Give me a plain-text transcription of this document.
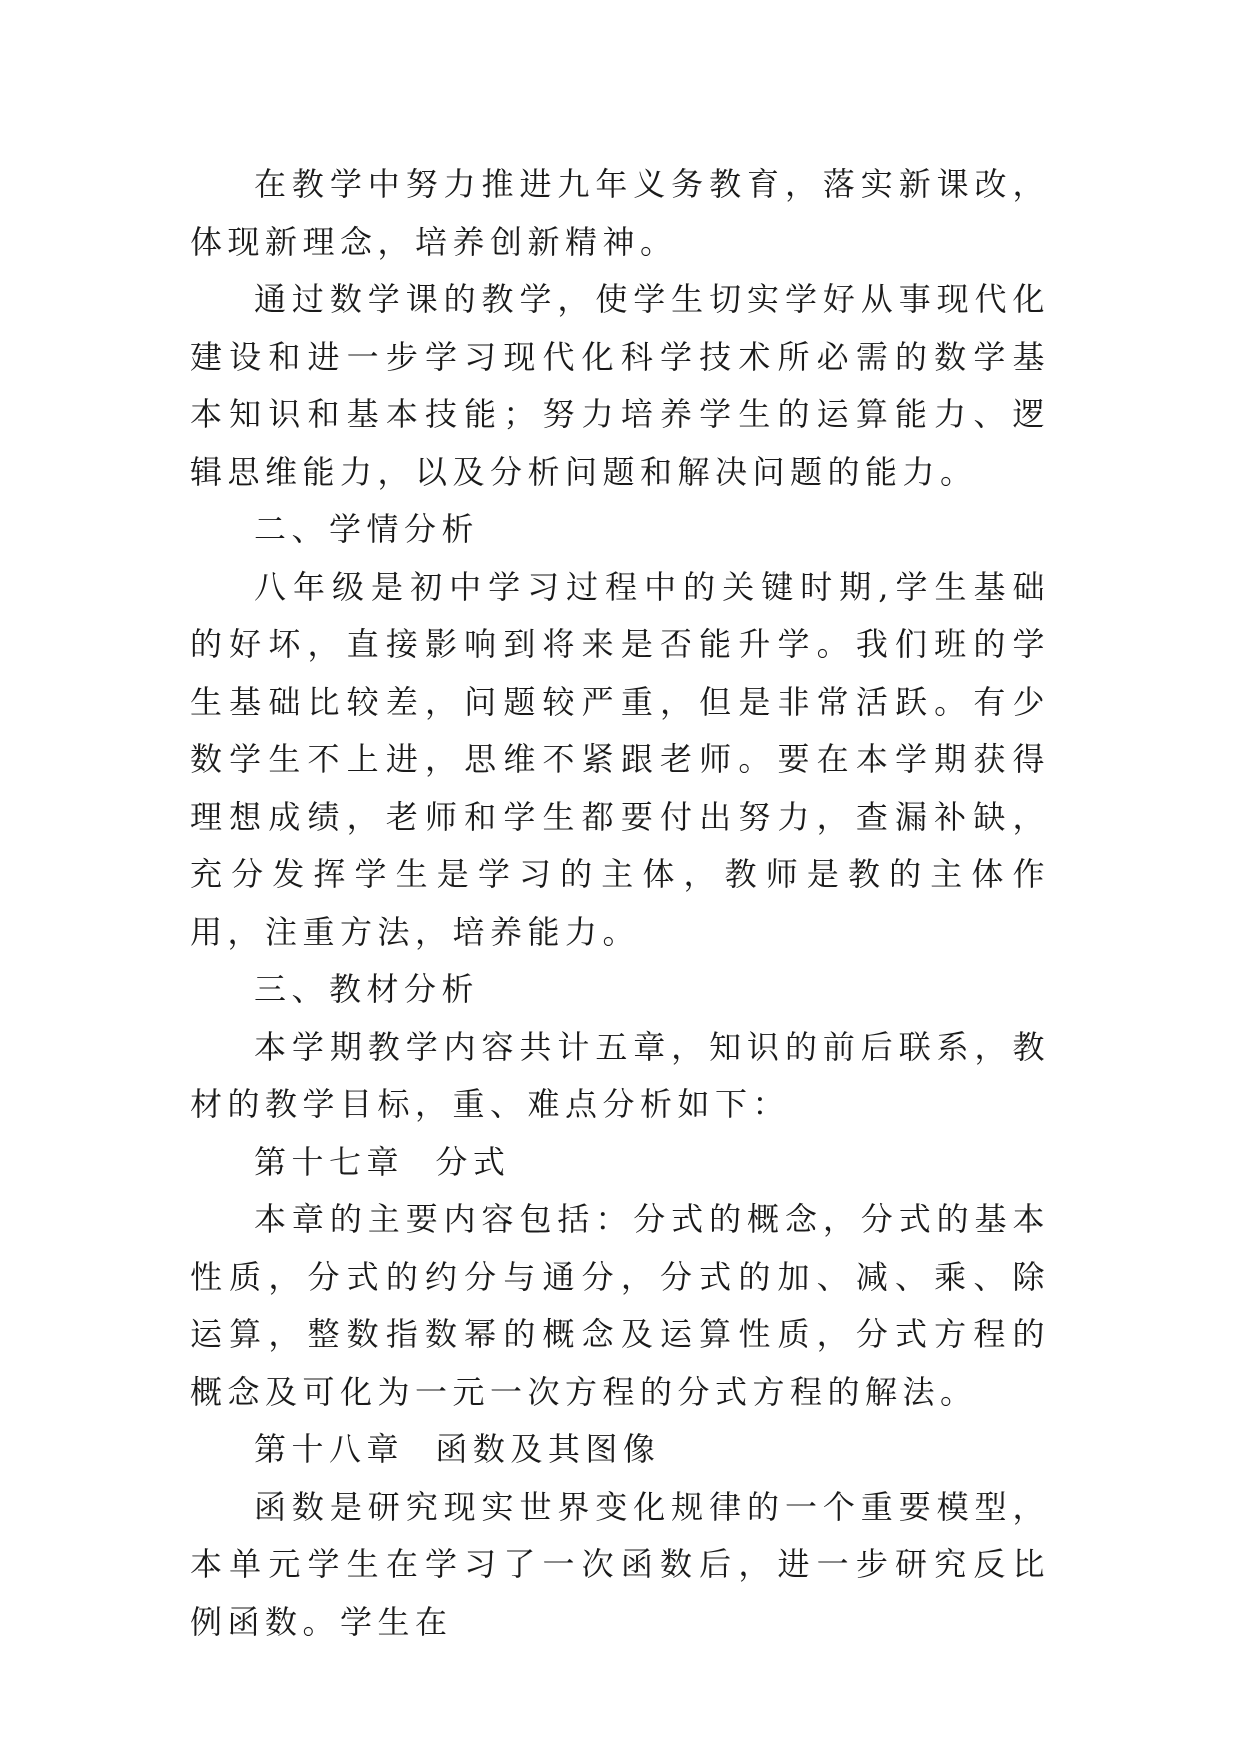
在教学中努力推进九年义务教育，落实新课改，体现新理念，培养创新精神。

通过数学课的教学，使学生切实学好从事现代化建设和进一步学习现代化科学技术所必需的数学基本知识和基本技能；努力培养学生的运算能力、逻辑思维能力，以及分析问题和解决问题的能力。

二、学情分析

八年级是初中学习过程中的关键时期,学生基础的好坏，直接影响到将来是否能升学。我们班的学生基础比较差，问题较严重，但是非常活跃。有少数学生不上进，思维不紧跟老师。要在本学期获得理想成绩，老师和学生都要付出努力，查漏补缺，充分发挥学生是学习的主体，教师是教的主体作用，注重方法，培养能力。

三、教材分析

本学期教学内容共计五章，知识的前后联系，教材的教学目标，重、难点分析如下：

第十七章  分式

本章的主要内容包括：分式的概念，分式的基本性质，分式的约分与通分，分式的加、减、乘、除运算，整数指数幂的概念及运算性质，分式方程的概念及可化为一元一次方程的分式方程的解法。

第十八章  函数及其图像

函数是研究现实世界变化规律的一个重要模型，本单元学生在学习了一次函数后，进一步研究反比例函数。学生在
